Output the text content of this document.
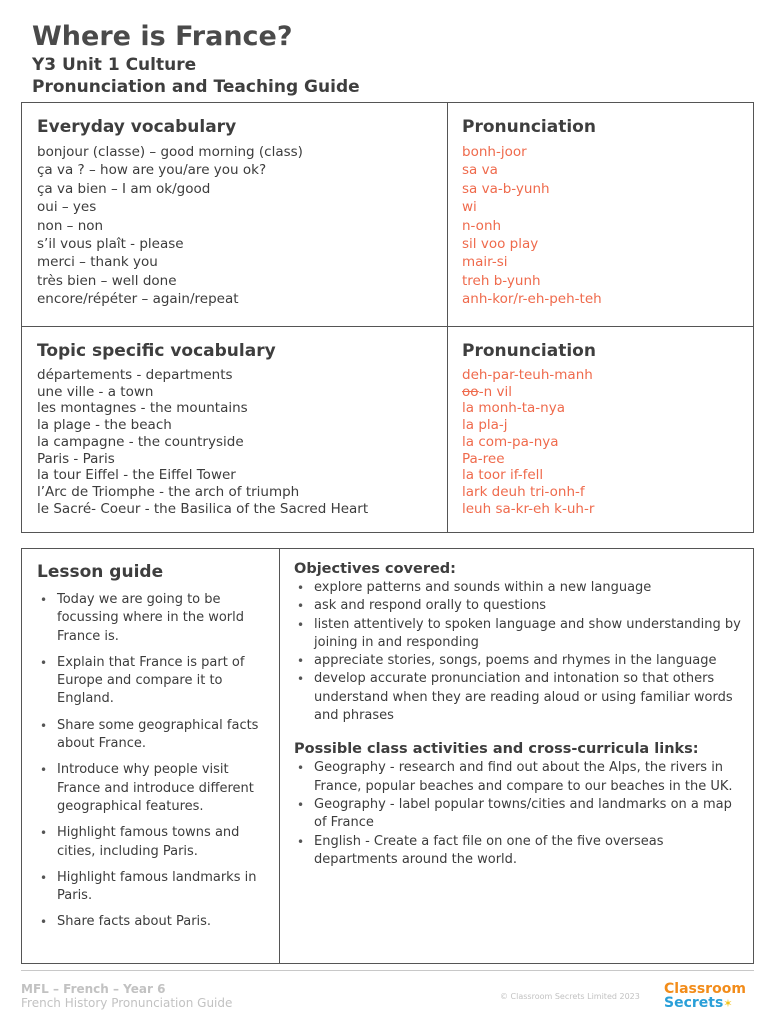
Where is France?
Y3 Unit 1 Culture
Pronunciation and Teaching Guide
Everyday vocabulary
bonjour (classe) – good morning (class)
ça va ? – how are you/are you ok?
ça va bien – I am ok/good
oui – yes
non – non
s’il vous plaît - please
merci – thank you
très bien – well done
encore/répéter – again/repeat
Pronunciation
bonh-joor
sa va
sa va-b-yunh
wi
n-onh
sil voo play
mair-si
treh b-yunh
anh-kor/r-eh-peh-teh
Topic specific vocabulary
départements - departments
une ville - a town
les montagnes - the mountains
la plage - the beach
la campagne - the countryside
Paris - Paris
la tour Eiffel - the Eiffel Tower
l’Arc de Triomphe - the arch of triumph
le Sacré- Coeur - the Basilica of the Sacred Heart
Pronunciation
deh-par-teuh-manh
oo-n vil
la monh-ta-nya
la pla-j
la com-pa-nya
Pa-ree
la toor if-fell
lark deuh tri-onh-f
leuh sa-kr-eh k-uh-r
Lesson guide
• Today we are going to be focussing where in the world France is.
• Explain that France is part of Europe and compare it to England.
• Share some geographical facts about France.
• Introduce why people visit France and introduce different geographical features.
• Highlight famous towns and cities, including Paris.
• Highlight famous landmarks in Paris.
• Share facts about Paris.
Objectives covered:
• explore patterns and sounds within a new language
• ask and respond orally to questions
• listen attentively to spoken language and show understanding by joining in and responding
• appreciate stories, songs, poems and rhymes in the language
• develop accurate pronunciation and intonation so that others understand when they are reading aloud or using familiar words and phrases
Possible class activities and cross-curricula links:
• Geography - research and find out about the Alps, the rivers in France, popular beaches and compare to our beaches in the UK.
• Geography - label popular towns/cities and landmarks on a map of France
• English - Create a fact file on one of the five overseas departments around the world.
MFL – French – Year 6
French History Pronunciation Guide	© Classroom Secrets Limited 2023 Classroom
Secrets✶
